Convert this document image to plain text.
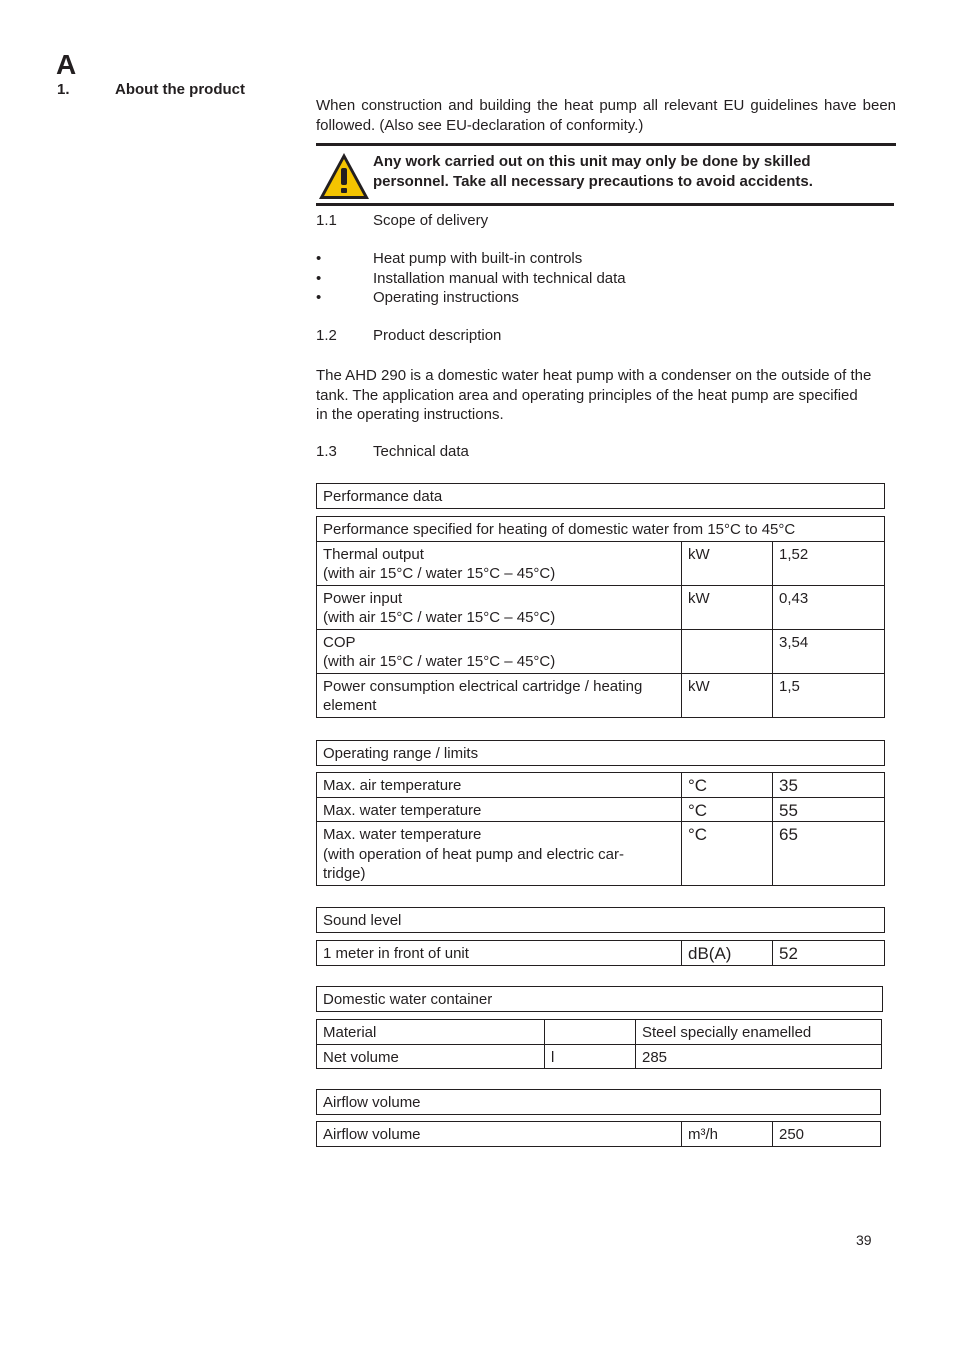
A
1.	About the product
When construction and building the heat pump all relevant EU guidelines have been followed. (Also see EU-declaration of conformity.)
Any work carried out on this unit may only be done by skilled
personnel. Take all necessary precautions to avoid accidents.
1.1 Scope of delivery
•	Heat pump with built-in controls
•	Installation manual with technical data
•	Operating instructions
1.2 Product description
The AHD 290 is a domestic water heat pump with a condenser on the outside of the
tank. The application area and operating principles of the heat pump are specified
in the operating instructions.
1.3 Technical data
Performance data
Performance specified for heating of domestic water from 15°C to 45°C		

Thermal output
(with air 15°C / water 15°C – 45°C)	kW	1,52

Power input
(with air 15°C / water 15°C – 45°C)	kW	0,43

COP
(with air 15°C / water 15°C – 45°C)		3,54

Power consumption electrical cartridge / heating
element	kW	1,5
Operating range / limits
Max. air temperature	°C	35
Max. water temperature	°C	55

Max. water temperature
(with operation of heat pump and electric car-
tridge)	°C	65
Sound level
1 meter in front of unit	dB(A)	52
Domestic water container
Material		Steel specially enamelled
Net volume	l	285
Airflow volume
Airflow volume	m³/h	250
39
